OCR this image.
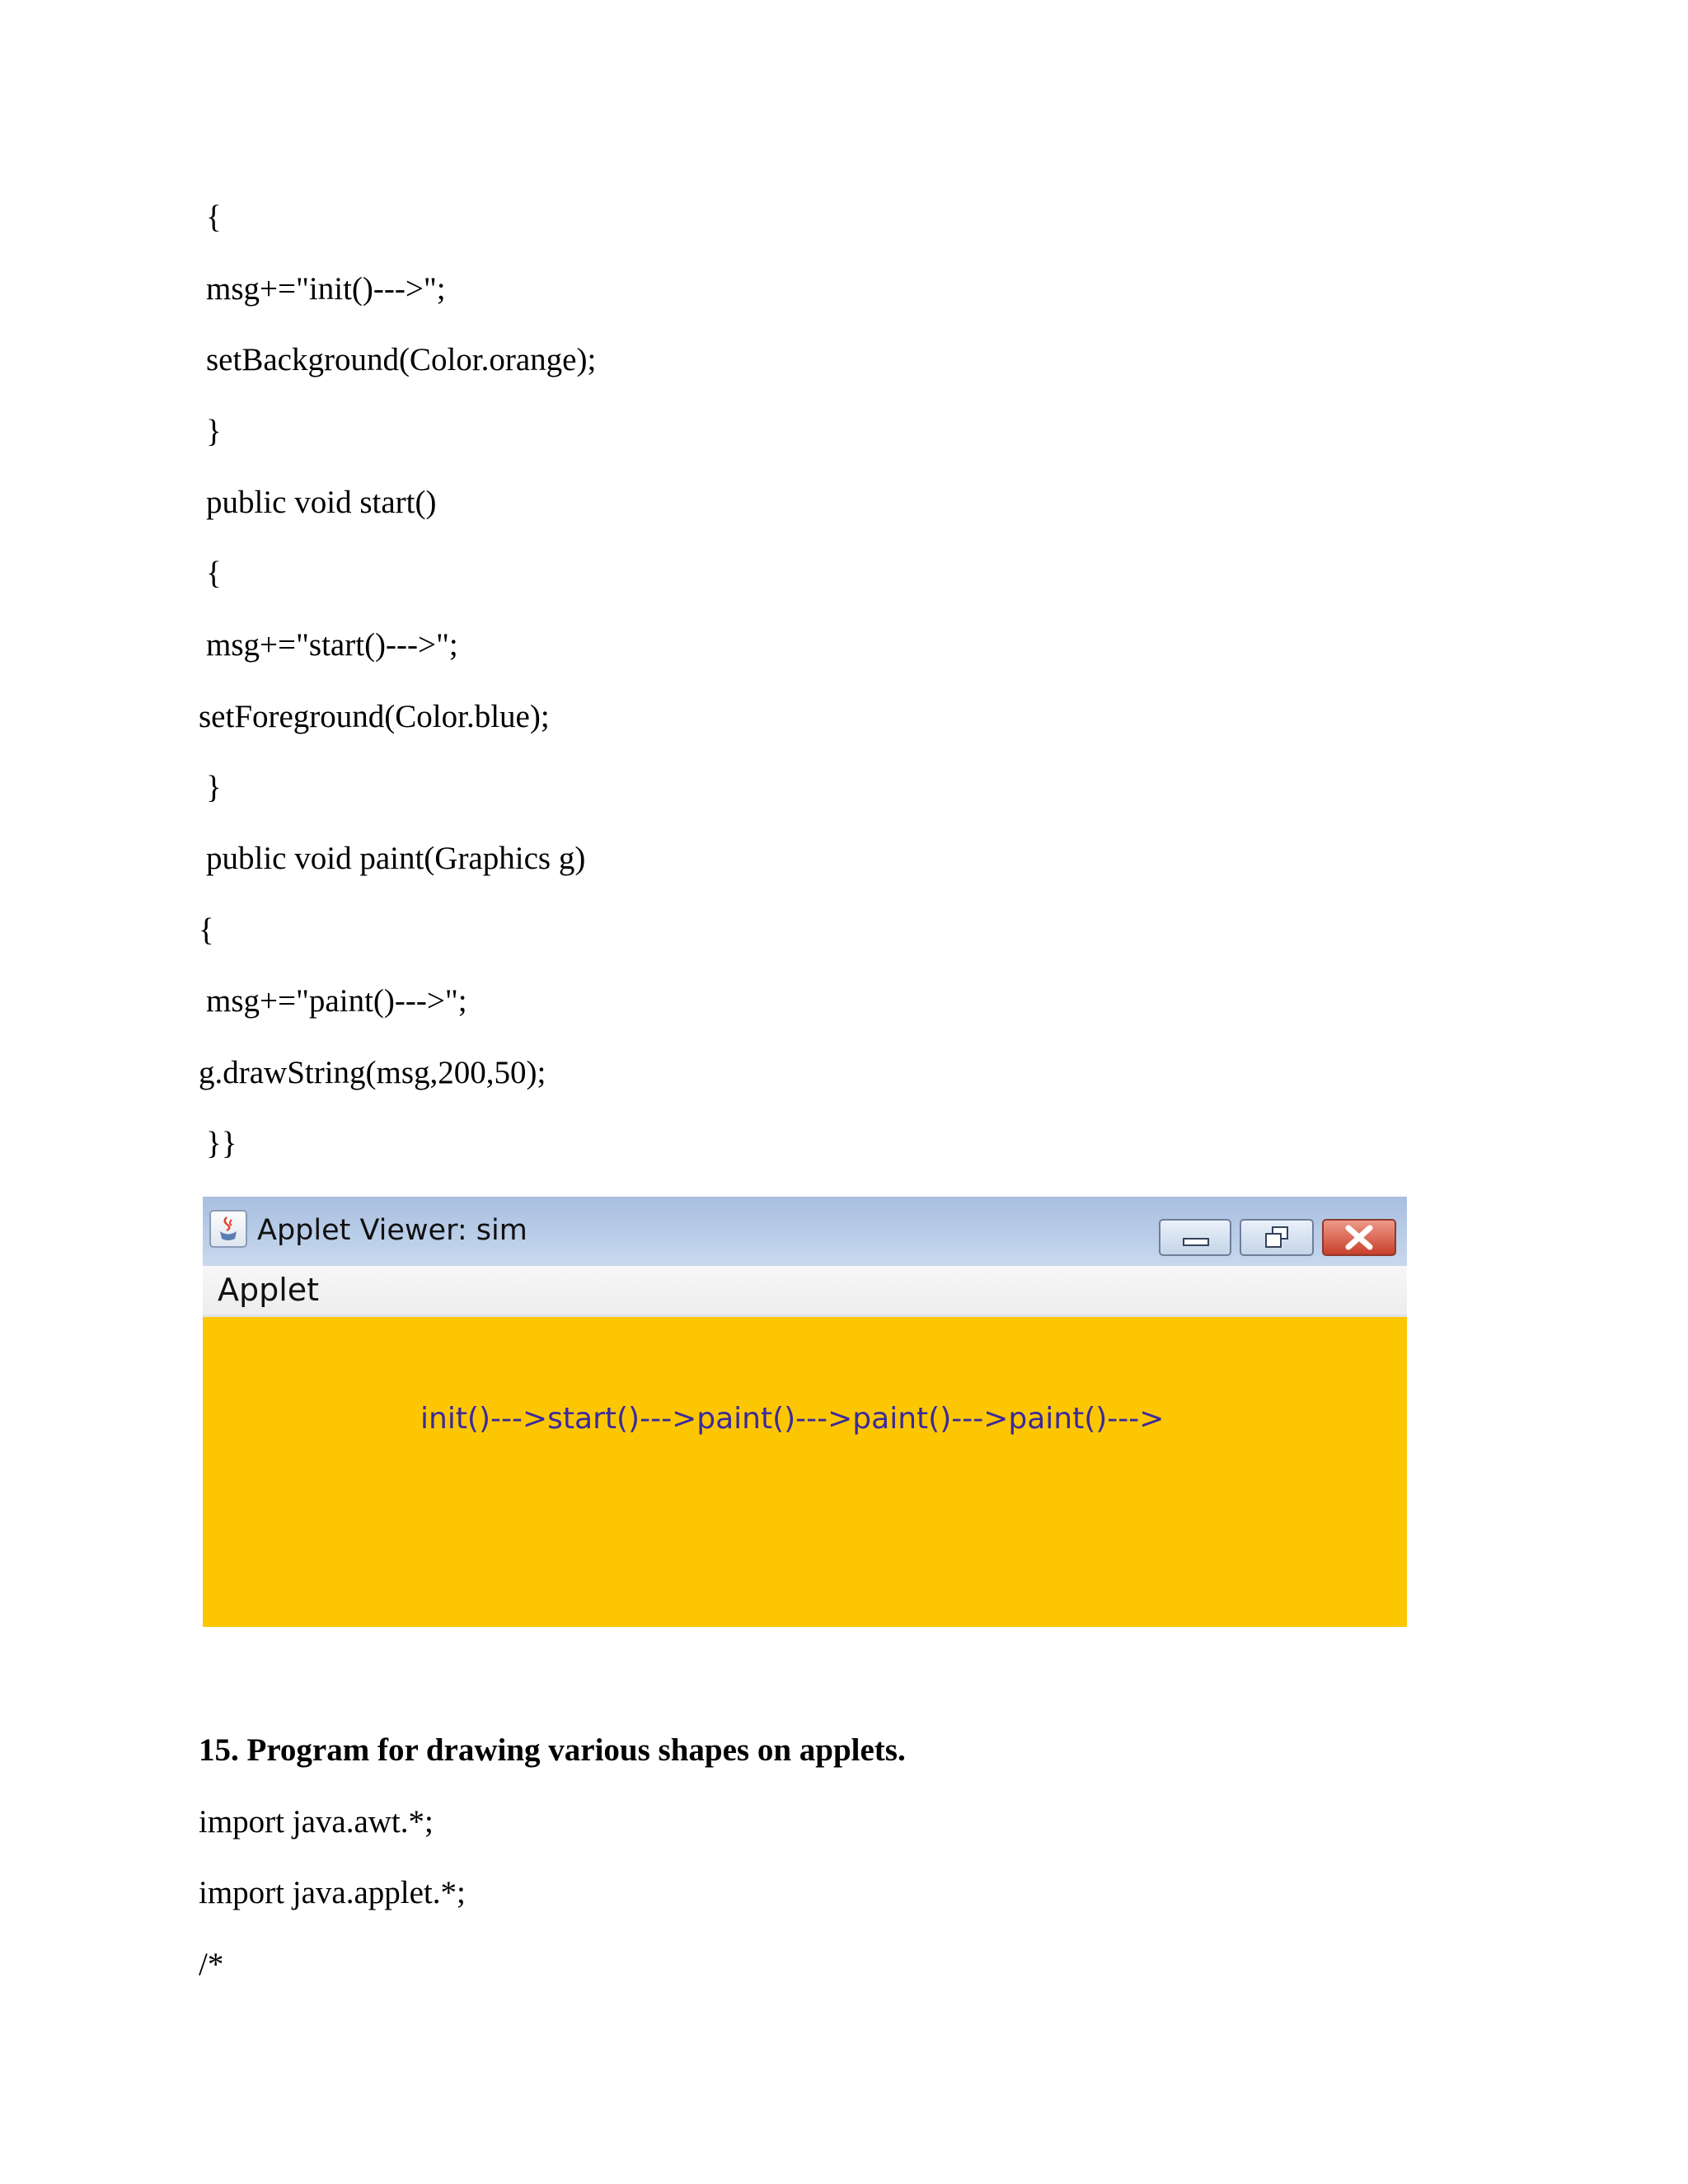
{
msg+="init()--->";
setBackground(Color.orange);
}
public void start()
{
msg+="start()--->";
setForeground(Color.blue);
}
public void paint(Graphics g)
{
msg+="paint()--->";
g.drawString(msg,200,50);
}}
Applet Viewer: sim
Applet
init()--->start()--->paint()--->paint()--->paint()--->
15. Program for drawing various shapes on applets.
import java.awt.*;
import java.applet.*;
/*
